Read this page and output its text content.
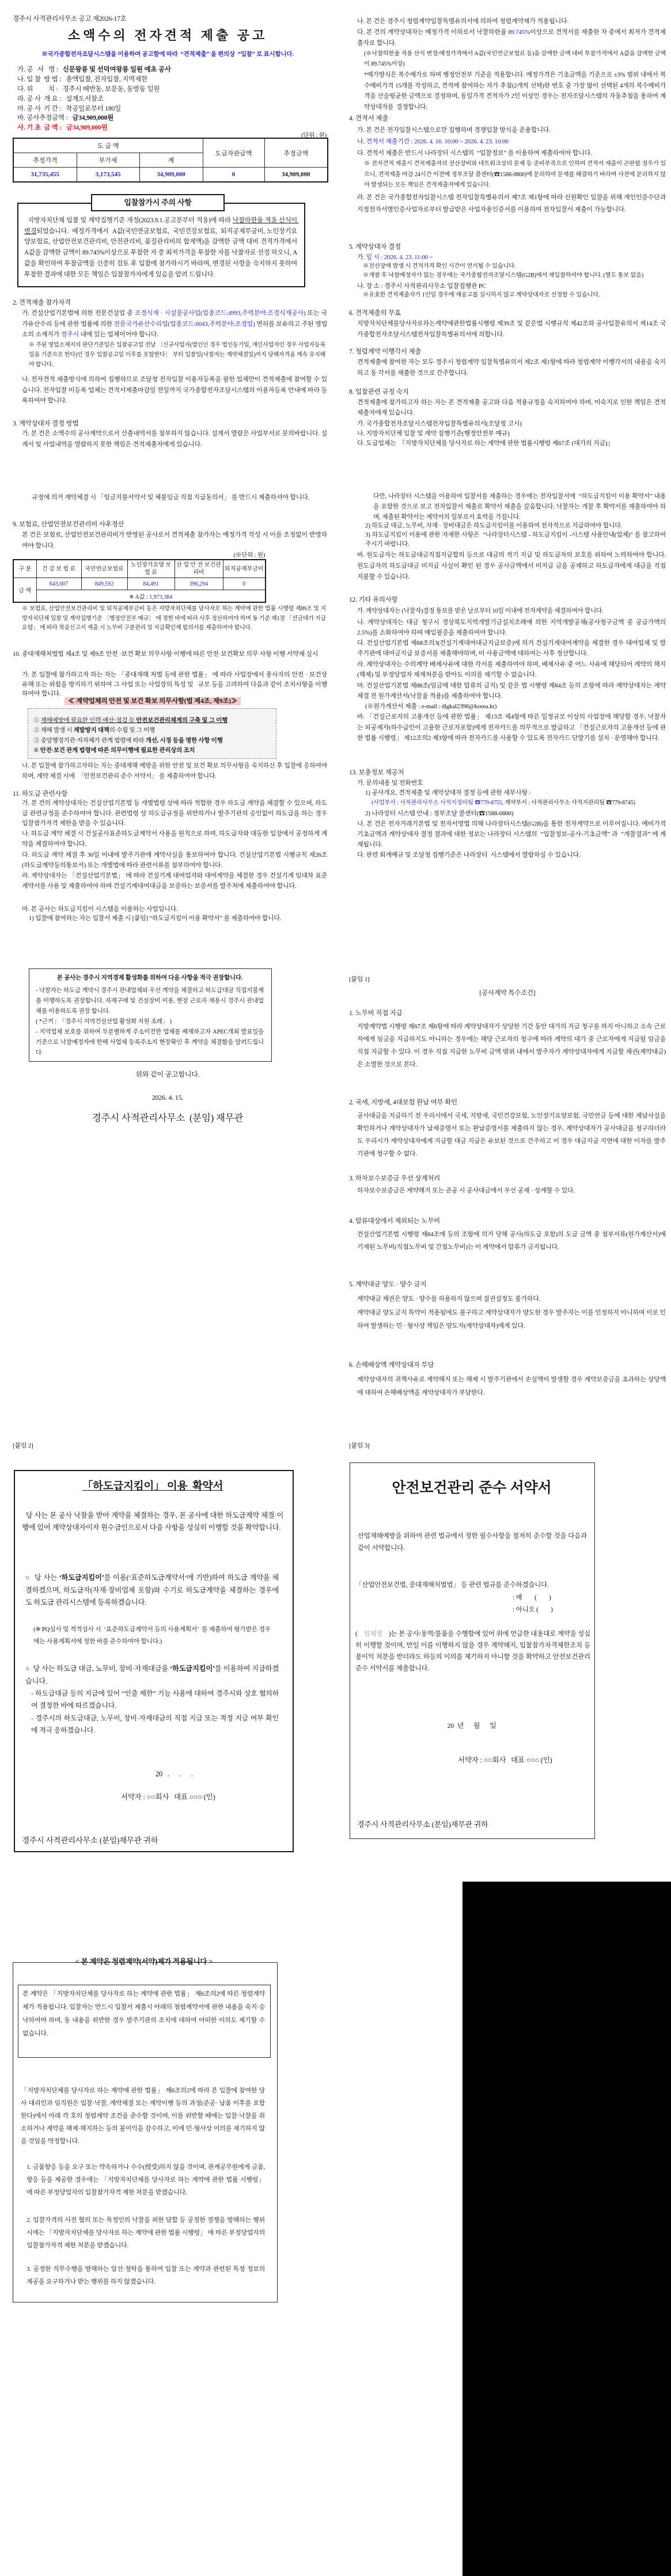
도 급 액			도급자관급액	추정금액
추정가격	부가세	계		
31,735,455	3,173,545	34,909,000	0	34,909,000
구 분	건 강 보 험 료	국민연금보험료	노인장기요양 보 험 료	산 업 안 전 보건관리비	퇴직공제부금비
금 액	643,007	849,592	84,491	396,294	0
	※ A값 : 1,973,384				
경주시 사적관리사무소 공고 제2026-17호
소액수의 전자견적 제출 공고
※국가종합전자조달시스템을 이용하여 공고함에 따라  “견적제출” 을 편의상  “입찰” 로 표시합니다.
가. 공   사   명 :   신문왕릉 및 선덕여왕릉 일원 예초 공사
나. 입 찰  방 법 :   총액입찰, 전자입찰, 지역제한
다. 위          치 :   경주시 배반동, 보문동, 동방동 일원
라. 공 사  개 요 :   설계도서참조
마. 공 사  기 간 :   착공일로부터 180일
바. 공사추정금액 :   금34,909,000원
사. 기 초  금 액 :   금34,909,000원
(단위 : 원)
입찰참가시 주의 사항
지방자치단체 입찰 및 계약집행기준 개정(2023.9.1.공고분부터 적용)에 따라 낙찰하한율 적용 산식이 변경되었습니다.  예정가격에서  A값(국민연금보험료,  국민건강보험료,  퇴직공제부금비, 노인장기요양보험료, 산업안전보건관리비, 안전관리비, 품질관리비의 합계액)을 감액한 금액 대비 견적가격에서 A값을 감액한 금액이 89.745%이상으로 투찰한 자 중 최저가격을 투찰한 자를 낙찰자로 선정 하오니, A값을 확인하여 투찰금액을 신중히 검토 후 입찰에 참가하시기 바라며, 변경된 사항을 숙지하지 못하여 투찰한 결과에 대한 모든 책임은 입찰참가자에게 있음을 알려 드립니다.
2. 견적제출 참가자격
가. 건설산업기본법에 의한 전문건설업 중 조경식재 · 시설물공사업(업종코드:4993,주력분야:조경식재공사) 또는 국가유산수리 등에 관한 법률에 의한 전문국가유산수리업(업종코드:0043,주력분야:조경업) 면허를 보유하고 주된 영업소의 소재지가 경주시 내에 있는 업체이어야 합니다.
※ 주된 영업소재지의 판단기준일은 입찰공고일 전날 〔신규사업자(법인인 경우 법인등기일, 개인사업자인 경우 사업자등록일을 기준으로 한다)인 경우 입찰공고일 이후를 포함한다〕 부터 입찰일(낙찰자는 계약체결일)까지 당해자격을 계속 유지해야 합니다.
나. 전자견적 제출방식에 의하여 집행하므로 조달청 전자입찰 이용자등록을 필한 업체만이 견적제출에 참여할 수 있습니다. 전자입찰 미등록 업체는 견적서제출마감일 전일까지 국가종합전자조달시스템의 이용자등록 안내에 따라 등록하여야 합니다.
3. 계약상대자 결정 방법
가. 본 건은 소액수의 공사계약으로서 산출내역서를 첨부하지 않습니다. 설계서 열람은 사업부서로 문의바랍니다. 설계서 및 사업내역을 열람하지 못한 책임은 견적제출자에게 있습니다.
규정에 의거 계약체결 시 「임금지불서약서 및 체불임금 직접 지급동의서」 를 반드시 제출하셔야 합니다.
9. 보험료, 산업안전보건관리비 사후정산
본 건은 보험료, 산업안전보건관리비가 반영된 공사로서 견적제출 참가자는 예정가격 작성 시 이를 조정없이 반영하여야 합니다.
(※단위 : 원)
※ 보험료, 산업안전보건관리비 및 퇴직공제부금비 등은 지방자치단체를 당사자로 하는 계약에 관한 법률 시행령 제89조 및 지방자치단체 입찰 및 계약집행기준 〔행정안전부 예규〕 에 정한 바에 따라 사후 정산하여야 하며 동 기준 제1장 「선금대가 지급요령」 에 따라 착공신고서 제출 시 노무비 구분관리 및 지급확인제 합의서를 제출하여야 합니다.
10. 중대재해처벌법 제4조 및 제9조 안전 ·보건 확보 의무사항 이행에 따른 안전·보건확보 의무 사항 이행 서약제 실시
가. 본 입찰에 참가하고자 하는 자는 「중대재해 처벌 등에 관한 법률」 에 따라 사업장에서 종사자의 안전 · 보건상 유해 또는 위험을 방지하기 위하여 그 사업 또는 사업장의 특성 및   규모 등을 고려하여 다음과 같이 조치사항을 이행하여야 합니다.
≪ 계약업체의 안전 및 보건 확보 의무사항(법 제4조, 제9조)≫
① 재해예방에 필요한 인력·예산·점검 등 안전보건관리체계의 구축 및 그 이행
② 재해 발생 시 재발방지 대책의 수립 및 그 이행
③ 중앙행정기관·지자체가 관계 법령에 따라 개선, 시정 등을 명한 사항 이행
④ 안전·보건 관계 법령에 따른 의무이행에 필요한 관리상의 조치
나. 본 입찰에 참가하고자하는 자는 중대재해 예방을 위한 안전 및 보건 확보 의무사항을 숙지하신 후 입찰에 응하여야 하며, 계약 체결 시에  「안전보건관리 준수 서약서」 를 제출하여야 합니다.
11. 하도급 관련사항
가. 본 건의 계약상대자는 건설산업기본법 등 개별법령 상에 따라 적합한 경우 하도급 계약을 체결할 수 있으며, 하도급 관련규정을 준수하여야 합니다. 관련법령 상 하도급규정을 위반하거나 발주기관의 승인없이 하도급을 하는 경우 입찰참가자격 제한을 받을 수 있습니다.
나. 하도급 계약 체결 시 건설공사표준하도급계약서 사용을 원칙으로 하며, 하도급자와 대등한 입장에서 공정하게 계약을 체결하여야 합니다.
다. 하도급 계약 체결 후 30일 이내에 발주기관에 계약사실을 통보하여야 합니다. 건설산업기본법 시행규칙 제26조(하도급계약등의통보서) 또는 개별법에 따라 관련서류를 첨부하여야 합니다.
라. 계약상대자는 「건설산업기본법」 에 따라 건설기계 대여업자와 대여계약을 체결한 경우 건설기계 임대차 표준계약서를 사용 및 제출하여야 하며 건설기계대여대금을 보증하는 보증서를 발주처에 제출하여야 합니다.
마. 본 공사는 하도급지킴이 시스템을 이용하는 사업입니다.
1) 입찰에 참여하는 자는 입찰서 제출 시 [붙임] “하도급지킴이 이용 확약서” 를 제출하여야 합니다.
본 공사는 경주시 지역경제 활성화를 위하여 다음 사항을 적극 권장합니다.
- 낙찰자는 하도급 계약시 경주시 관내업체와 우선 계약을 체결하고 하도급대금 직접지불제를 이행하도록 권장합니다. 자재구매 및 건설장비 이용, 현장 근로자 채용시 경주시 관내업체를 이용하도록 권장 합니다.
( *근거 :  「경주시 지역건설산업 활성화 지원 조례」 )
- 지역업체 보호를 위하여 무분별하게 주소이전한 업체를 배제하고자 APEC개최 발표일을 기준으로 낙찰예정자에 한해 사업체 등록주소지 현장확인 후 계약을 체결함을 알려드립니다.
위와 같이 공고합니다.
2026. 4. 15.
경주시 사적관리사무소  (분임) 재무관
[붙임 2]
「하도급지킴이」 이용  확약서
당 사는 본 공사 낙찰을 받아 계약을 체결하는 경우, 본 공사에 대한 하도급계약 체결·이행에 있어 계약상대자이자 원수급인으로서 다음 사항을 성실히 이행할 것을 확약합니다.
○  당 사는 ‘하도급지킴이’를 이용(‘표준하도급계약서‘에 기반)하여 하도급 계약을 체결하겠으며, 하도급자(자재·장비업체 포함)와 수기로 하도급계약을 체결하는 경우에도 하도급 관리시스템에 등록하겠습니다.
(※ PQ심사 및 적격심사 시  ‘표준하도급계약서 등의 사용계획서’  를 제출하여 평가받은 경우에는 사용계획서에 정한 바를 준수하여야 합니다.)
○  당 사는 하도급 대금, 노무비, 장비·자재대금을 ‘하도급지킴이’를 이용하여 지급하겠습니다.
- 하도급대금 등의 지급에 있어 “인출 제한” 기능 사용에 대하여 경주시와 상호 협의하여 결정한 바에 따르겠습니다.
- 경주시의 하도급대금, 노무비, 장비·자재대금의 직접 지급 또는 적정 지급 여부 확인에 적극 응하겠습니다.
20   .      .      .
서약자 : ○○회사   대표 ○○○ (인)
경주시 사적관리사무소 (분임)재무관 귀하
< 본 계약은 청렴계약(서약)제가 적용됩니다 >
본 계약은 「지방자치단체를 당사자로 하는 계약에 관한 법률」 제6조의2에 따른 청렴계약제가 적용됩니다. 입찰자는 반드시 입찰서 제출시 아래의 청렴계약서에 관한 내용을 숙지·승낙하여야 하며, 동 내용을 위반한 경우 발주기관의 조치에 대하여 어떠한 이의도 제기할 수 없습니다.
「지방자치단체를 당사자로 하는 계약에 관한 법률」 제6조의2에 따라 본 입찰에 참여한 당사 대리인과 임직원은 입찰·낙찰, 계약체결 또는 계약이행 등의 과정(준공· 납품 이후를 포함한다)에서 아래 각 호의 청렴계약 조건을 준수할 것이며, 이를 위반할 때에는 입찰·낙찰을 취소하거나 계약을 해제·해지하는 등의 불이익을 감수하고, 이에 민·형사상 이의를 제기하지 않을 것임을 약정합니다.
1. 금품향응 등을 요구 또는 약속하거나 수수(授受)하지 않을 것이며, 관계공무원에게 금품, 향응 등을 제공한 경우에는 「지방자치단체를 당사자로 하는 계약에 관한 법률 시행령」 에 따른 부정당업자의 입찰참가자격 제한 처분을 받겠습니다.
2. 입찰가격의 사전 협의 또는 특정인의 낙찰을 위한 담합 등 공정한 경쟁을 방해하는 행위시에는 「지방자치단체를 당사자로 하는 계약에 관한 법률 시행령」 에 따른 부정당업자의 입찰참가자격 제한 처분을 받겠습니다.
3. 공정한 직무수행을 방해하는 알선·청탁을 통하여 입찰 또는 계약과 관련된 특정 정보의 제공을 요구하거나 받는 행위를 하지 않겠습니다.
나. 본 건은 경주시 청렴계약입찰특별유의서에 의하여 청렴계약제가 적용됩니다.
다. 본 건의 계약상대자는 예정가격 이하로서 낙찰하한율 89.745%이상으로 견적서를 제출한 자 중에서 최저가 견적제출자로 합니다.
(※낙찰하한율 적용 산식 변경:예정가격에서 A값(국민연금보험료 등)을 감액한 금액 대비 투찰가격에서 A값을 감액한 금액이 89.745%이상)
*예가방식은 복수예가로 하며 행정안전부 기준을 적용합니다. 예정가격은 기초금액을 기준으로 ±3% 범위 내에서 복수예비가격 15개를 작성하고, 견적에 참여하는 자가 추첨(2개씩 선택)한 번호 중 가장 많이 선택된 4개의 복수예비가격을 산술평균한 금액으로 결정하며, 동일가격 견적자가 2인 이상인 경우는 전자조달시스템의 자동추첨을 통하여 계약상대자를  결정합니다.
4. 견적서 제출
가. 본 건은 전자입찰시스템으로만 집행하며 경쟁입찰 방식을 준용합니다.
나. 견적서 제출기간 : 2026. 4. 16. 10:00 ~ 2026. 4. 23. 10:00
다. 견적서 제출은 반드시 나라장터 시스템의  “입찰정보” 를 이용하여 제출하여야 합니다.
※ 전자견적 제출시 견적제출자의 전산장비와 네트워크상의 문제 등 준비부족으로 인하여 견적서 제출이 곤란할 경우가 있으니, 견적제출 마감 24시간 이전에 정부조달 콜센터(☎1588-0800)에 문의하여 문제를 해결하기 바라며 사전에 문의하지 않아 발생되는 모든 책임은 견적제출자에게 있습니다.
라. 본 건은 국가종합전자입찰시스템 전자입찰특별유의서 제7조 제1항에 따라 신원확인 입찰을 위해 개인인증수단과 지정전자서명인증사업자로부터 발급받은 사업자용인증서를 이용하여 전자입찰서 제출이 가능합니다.
5. 계약상대자 결정
가. 일 시 : 2026. 4. 23. 11:00 ~
※전산장애 발생 시 견적가격 확인 시간이 연기될 수 있습니다.
※개찰 후 낙찰예정자가 없는 경우에는 국가종합전자조달시스템(G2B)에서 재입찰하여야 합니다. (별도 통보 없음)
나. 장 소 : 경주시 사적관리사무소 입찰집행관 PC
※유효한 견적제출자가 1인일 경우에 재공고를 실시하지 않고 계약상대자로 선정할 수 있습니다.
6. 견적제출의 무효
지방자치단체를당사자로하는계약에관한법률시행령 제39조 및 같은법 시행규칙 제42조와 공사입찰유의서 제14조 국가종합전자조달시스템전자입찰특별유의서에 의합니다.
7. 청렴계약 이행각서 제출
견적제출에 참여한 자는 모두 경주시 청렴계약 입찰특별유의서 제2조 제1항에 따라 청렴계약 이행각서의 내용을 숙지하고 동 각서를 제출한 것으로 간주합니다.
8. 입찰관련 규정 숙지
견적제출에 참가하고자 하는 자는 본 견적제출 공고와 다음 적용규정을 숙지하여야 하며, 미숙지로 인한 책임은 견적제출자에게 있습니다.
가. 국가종합전자조달시스템전자입찰특별유의서(조달청 고시)
나. 지방자치단체 입찰 및 계약 집행기준(행정안전부 예규)
다. 도급업체는  『지방자치단체를 당사자로 하는 계약에 관한 법률시행령 제67조 (대가의 지급)』
다만, 나라장터 시스템을 이용하여 입찰서를 제출하는 경우에는 전자입찰서에  “하도급지킴이 이용 확약서” 내용을 포함한 것으로 보고 전자입찰서 제출로 확약서 제출을 갈음합니다. 낙찰자는 개찰 후 확약서를 제출하여야 하며, 제출된 확약서는 계약서의 일부로서 효력을 가집니다.
2) 하도급 대금, 노무비, 자재 · 장비대금은 하도급지킴이를 이용하여 전자적으로 지급하여야 합니다.
3) 하도급지킴이 이용에 관한 자세한 사항은  “나라장터시스템 - 하도급지킴이 -시스템 사용안내(업체)” 를 참고하여 주시기 바랍니다.
바. 원도급자는 하도급대금직접지급합의 등으로 대금의 적기 지급 및 하도급자의 보호를 위하여 노력하여야 합니다. 원도급자의 하도급대금 미지급 사실이 확인 된 경우 공사금액에서 미지급 금을 공제하고 하도급자에게 대금을 직접 지불할 수 있습니다.
12. 기타 유의사항
가. 계약상대자는 (낙찰자)결정 통보를 받은 날로부터 10일 이내에 전자계약을 체결하여야 합니다.
나. 계약상대자는 대금 청구시 경상북도지역개발기금설치조례에 의한 지역개발공채(공사청구금액 중 공급가액의 2.5%)를 소화하여야 하며 매입필증을 제출하여야 합니다.
다. 건설산업기본법 제68조의3(건설기계대여대금지급보증)에 의거 건설기계대여계약을 체결한 경우 대여업체 및 발주기관에 대여금지급 보증서를 제출해야하며, 미 사용금액에 대하여는 사후 정산합니다.
라. 계약상대자는 수의계약 배제사유에 대한 각서를 제출하여야 하며, 배제사유 중 어느 사유에 해당되어 계약의 해지(해제) 및 부정당업자 제재처분을 받아도 이의를 제기할 수 없습니다.
마. 건설산업기본법 제88조(임금에 대한 압류의 금지) 및 같은 법 시행령 제84조 등의 조항에 따라 계약상대자는 계약체결 전 원가계산서(낙찰율 적용)를 제출하여야 합니다.
(※원가계산서 제출 : e-mail : dlgkal2396@korea.kr)
바. 「건설근로자의 고용개선 등에 관한 법률」 제13조 제4항에 따른 일정규모 이상의 사업장에 해당할 경우, 낙찰자는 피공제자(하수급인이 고용한 근로자포함)에게 전자카드를 의무적으로 발급하고 「건설근로자의 고용개선 등에 관한 법률 시행령」 제12조의2 제3항에 따라 전자카드를 사용할 수 있도록 전자카드 단말기를 설치 · 운영해야 합니다.
13. 보충정보 제공처
가. 문의내용 및 전화번호
1) 공사개요, 견적제출 및 계약상대자 결정 등에 관한 세부사항 :
(사업부서 : 사적관리사무소 사적지정비팀 ☎779-8755, 계약부서 : 사적관리사무소 사적지관리팀 ☎779-8745)
2) 나라장터 시스템 안내 : 정부조달 콜센터(☎1588-0800)
나. 본 건은 전자거래기본법 및 전자서명법 의해 나라장터시스템(G2B)을 통한 전자계약으로 이루어집니다. 예비가격 기초금액과 계약상대자 결정 결과에 대한 정보는 나라장터 시스템의  “입찰정보-공사-기초금액” 과  “개찰결과” 에 게재됩니다.
다. 관련 회계예규 및 조달청 집행기준은 나라장터  시스템에서 열람하실 수 있습니다.
[붙임 1]
[공사계약 특수조건]
1. 노무비 직접 지급
지방계약법 시행령 제67조 제6항에 따라 계약상대자가 상당한 기간 동안 대가의 지급 청구를 하지 아니하고 소속 근로자에게 임금을 지급하지도 아니하는 경우에는 해당 근로자의 청구에 따라 계약의 대가 중 근로자에게 지급될 임금을 직접 지급할 수 있다. 이 경우 직접 지급한 노무비 금액 범위 내에서 발주자가 계약상대자에게 지급할 채권(계약대금)은 소멸한 것으로 본다.
2. 국세, 지방세, 4대보험 완납 여부 확인
공사대금을 지급하기 전 우리시에서 국세, 지방세, 국민건강보험, 노인장기요양보험, 국민연금 등에 대한 체납사실을 확인하거나 계약상대자가 납세증명서 또는 완납증명서를 제출하지 않는 경우, 계약상대자가 공사대금을 청구하더라도 우리시가 계약상대자에게 지급할 대금 지급은 유보된 것으로 간주하고 이 경우 대금지급 지연에 대한 이자를 발주기관에 청구할 수 없다.
3. 하자보수보증금 우선 상계처리
하자보수보증금은 계약해지 또는 준공 시 공사대금에서 우선 공제 · 상계할 수 있다.
4. 압류대상에서 제외되는 노무비
건설산업기본법 시행령 제84조에 등의 조항에 의거 당해 공사(하도급 포함)의 도급 금액 중 첨부서류(원가계산서)에 기재된 노무비(직접노무비 및 간접노무비)는 이 계약에서 압류가 금지됩니다.
5. 계약대금 양도 · 양수 금지
계약대금 채권은 양도 · 양수를 허용하지 않으며 질권설정도 불가하다.
계약대금 양도금지 특약이 적용됨에도 불구하고 계약상대자가 양도한 경우 발주자는 이를 인정하지 아니하며 이로 인하여 발생하는 민 · 형사상 책임은 양도자(계약상대자)에게 있다.
6. 손해배상액 계약상대자 부담
계약상대자의 귀책사유로 계약해지 또는 해제 시 발주기관에서 손실액이 발생할 경우 계약보증금을 초과하는 상당액에 대하여 손해배상액을 계약상대자가 부담한다.
[붙임 3]
안전보건관리 준수 서약서
산업재해예방을 위하여 관련 법규에서 정한 필수사항을 철저히 준수할 것을 다음과 같이 서약합니다.
「산업안전보건법, 중대재해처벌법」 등 관련 법규를 준수하겠습니다.
: 예        (        )
: 아니오 (        )
(    업체명    )는 본 공사/용역/물품을 수행함에 있어 위에 언급한 내용대로 계약을 성실히 이행할 것이며, 만일 이를 이행하지 않을 경우 계약해지, 입찰참가자격제한조치 등 불이익 처분을 받더라도 하등의 이의를 제기하지 아니할 것을 확약하고 안전보건관리 준수 서약서를 제출합니다.
20  년      월      일
서약자 : ○○회사   대표 ○○○ (인)
경주시 사적관리사무소 (분임)재무관 귀하
